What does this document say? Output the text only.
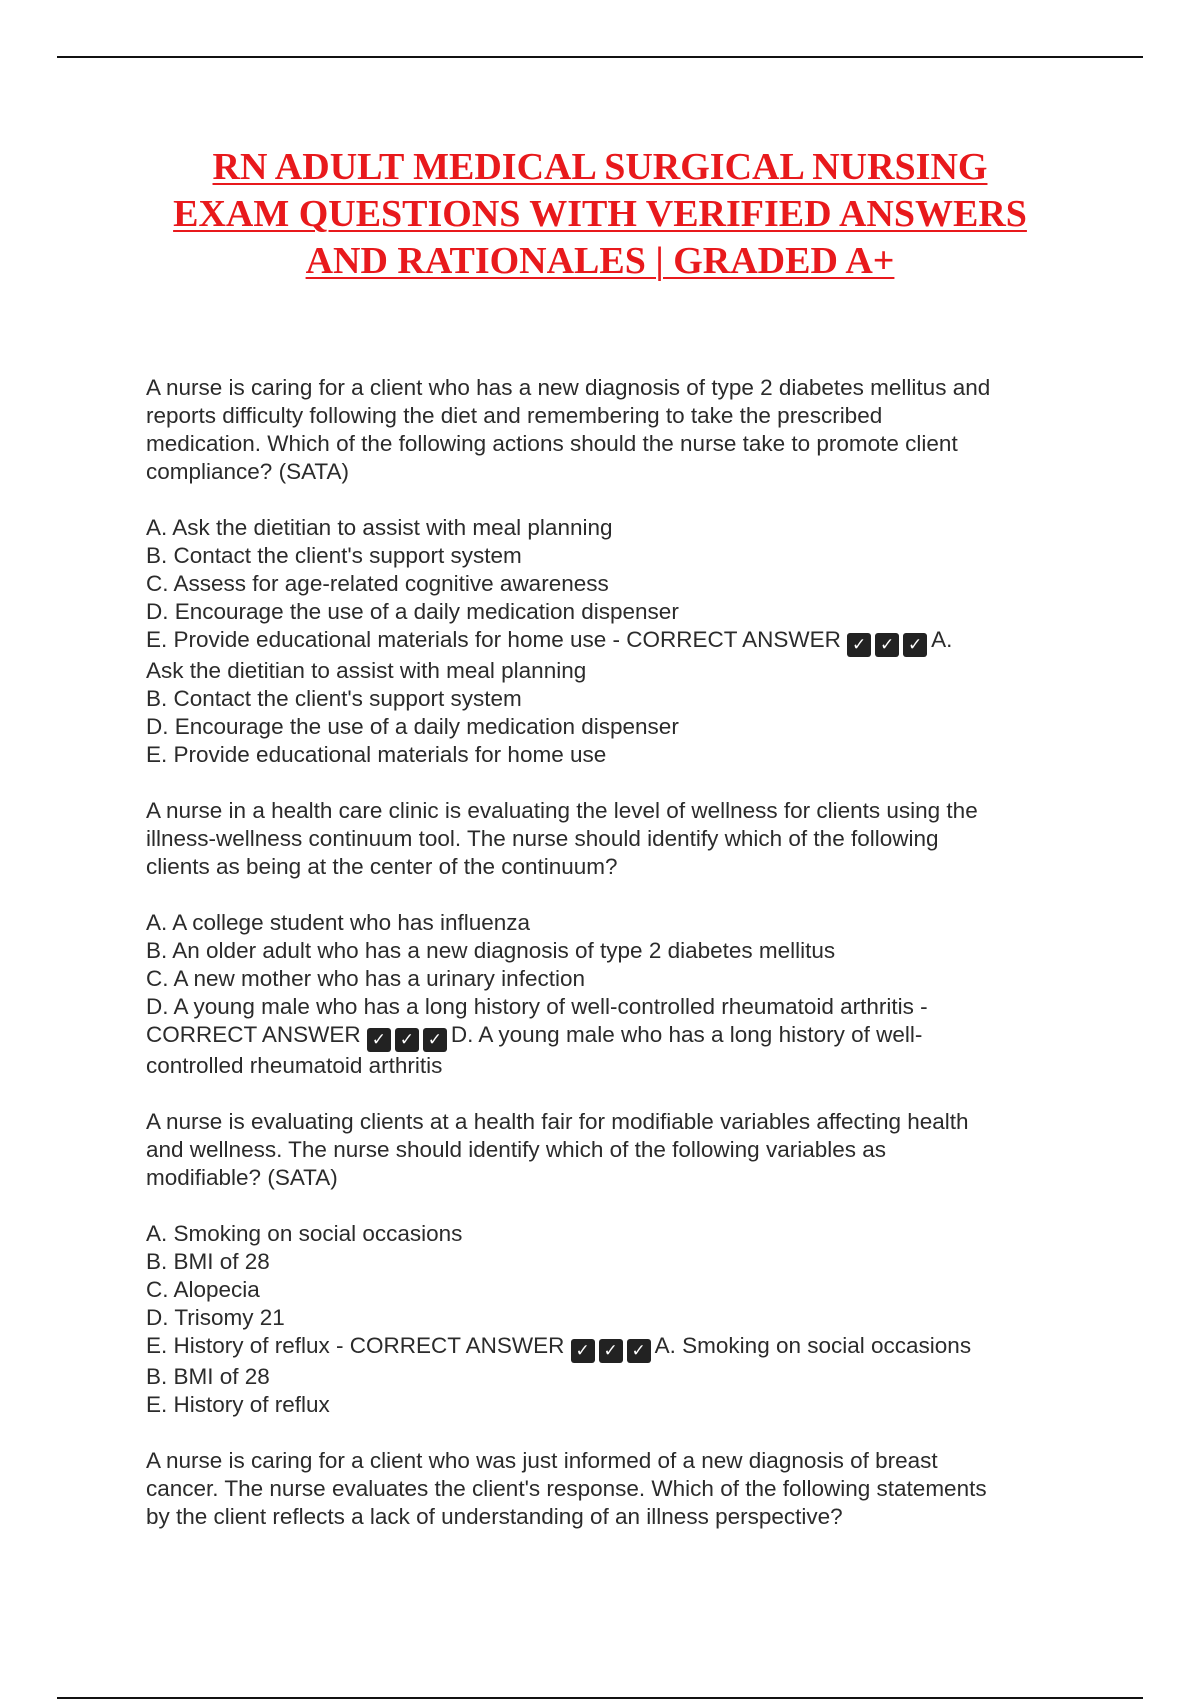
RN ADULT MEDICAL SURGICAL NURSING
EXAM QUESTIONS WITH VERIFIED ANSWERS
AND RATIONALES | GRADED A+
A nurse is caring for a client who has a new diagnosis of type 2 diabetes mellitus and
reports difficulty following the diet and remembering to take the prescribed
medication. Which of the following actions should the nurse take to promote client
compliance? (SATA)
A. Ask the dietitian to assist with meal planning
B. Contact the client's support system
C. Assess for age-related cognitive awareness
D. Encourage the use of a daily medication dispenser
E. Provide educational materials for home use - CORRECT ANSWER ✓ ✓ ✓ A.
Ask the dietitian to assist with meal planning
B. Contact the client's support system
D. Encourage the use of a daily medication dispenser
E. Provide educational materials for home use
A nurse in a health care clinic is evaluating the level of wellness for clients using the
illness-wellness continuum tool. The nurse should identify which of the following
clients as being at the center of the continuum?
A. A college student who has influenza
B. An older adult who has a new diagnosis of type 2 diabetes mellitus
C. A new mother who has a urinary infection
D. A young male who has a long history of well-controlled rheumatoid arthritis -
CORRECT ANSWER ✓ ✓ ✓ D. A young male who has a long history of well-
controlled rheumatoid arthritis
A nurse is evaluating clients at a health fair for modifiable variables affecting health
and wellness. The nurse should identify which of the following variables as
modifiable? (SATA)
A. Smoking on social occasions
B. BMI of 28
C. Alopecia
D. Trisomy 21
E. History of reflux - CORRECT ANSWER ✓ ✓ ✓ A. Smoking on social occasions
B. BMI of 28
E. History of reflux
A nurse is caring for a client who was just informed of a new diagnosis of breast
cancer. The nurse evaluates the client's response. Which of the following statements
by the client reflects a lack of understanding of an illness perspective?
